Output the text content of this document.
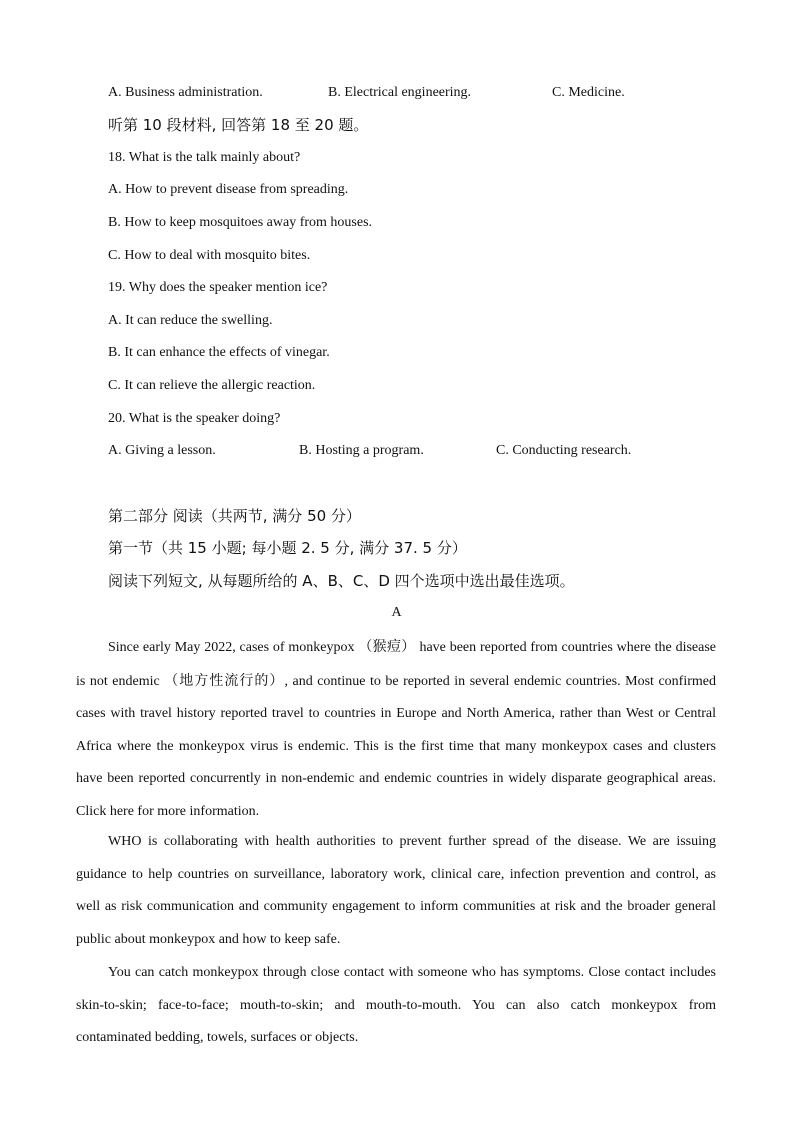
A. Business administration.	B. Electrical engineering.	C. Medicine.
听第 10 段材料, 回答第 18 至 20 题。
18. What is the talk mainly about?
A. How to prevent disease from spreading.
B. How to keep mosquitoes away from houses.
C. How to deal with mosquito bites.
19. Why does the speaker mention ice?
A. It can reduce the swelling.
B. It can enhance the effects of vinegar.
C. It can relieve the allergic reaction.
20. What is the speaker doing?
A. Giving a lesson.	B. Hosting a program.	C. Conducting research.
第二部分 阅读（共两节, 满分 50 分）
第一节（共 15 小题; 每小题 2. 5 分, 满分 37. 5 分）
阅读下列短文, 从每题所给的 A、B、C、D 四个选项中选出最佳选项。
A
Since early May 2022, cases of monkeypox （猴痘） have been reported from countries where the disease is not endemic （地方性流行的）, and continue to be reported in several endemic countries. Most confirmed cases with travel history reported travel to countries in Europe and North America, rather than West or Central Africa where the monkeypox virus is endemic. This is the first time that many monkeypox cases and clusters have been reported concurrently in non-endemic and endemic countries in widely disparate geographical areas. Click here for more information.
WHO is collaborating with health authorities to prevent further spread of the disease. We are issuing guidance to help countries on surveillance, laboratory work, clinical care, infection prevention and control, as well as risk communication and community engagement to inform communities at risk and the broader general public about monkeypox and how to keep safe.
You can catch monkeypox through close contact with someone who has symptoms. Close contact includes skin-to-skin; face-to-face; mouth-to-skin; and mouth-to-mouth. You can also catch monkeypox from contaminated bedding, towels, surfaces or objects.
